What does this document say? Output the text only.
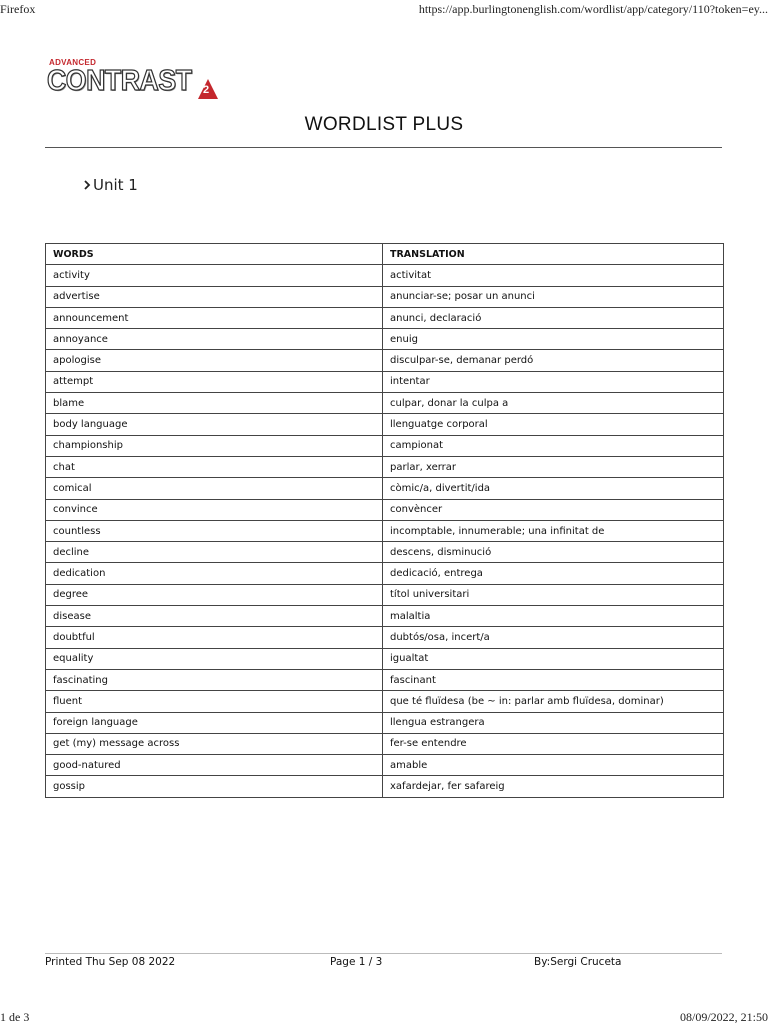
Firefox	https://app.burlingtonenglish.com/wordlist/app/category/110?token=ey...
ADVANCED
CONTRAST 2
WORDLIST PLUS
Unit 1
WORDS	TRANSLATION
activity	activitat
advertise	anunciar-se; posar un anunci
announcement	anunci, declaració
annoyance	enuig
apologise	disculpar-se, demanar perdó
attempt	intentar
blame	culpar, donar la culpa a
body language	llenguatge corporal
championship	campionat
chat	parlar, xerrar
comical	còmic/a, divertit/ida
convince	convèncer
countless	incomptable, innumerable; una infinitat de
decline	descens, disminució
dedication	dedicació, entrega
degree	títol universitari
disease	malaltia
doubtful	dubtós/osa, incert/a
equality	igualtat
fascinating	fascinant
fluent	que té fluïdesa (be ~ in: parlar amb fluïdesa, dominar)
foreign language	llengua estrangera
get (my) message across	fer-se entendre
good-natured	amable
gossip	xafardejar, fer safareig
Printed Thu Sep 08 2022	Page 1 / 3	By:Sergi Cruceta
1 de 3	08/09/2022, 21:50
